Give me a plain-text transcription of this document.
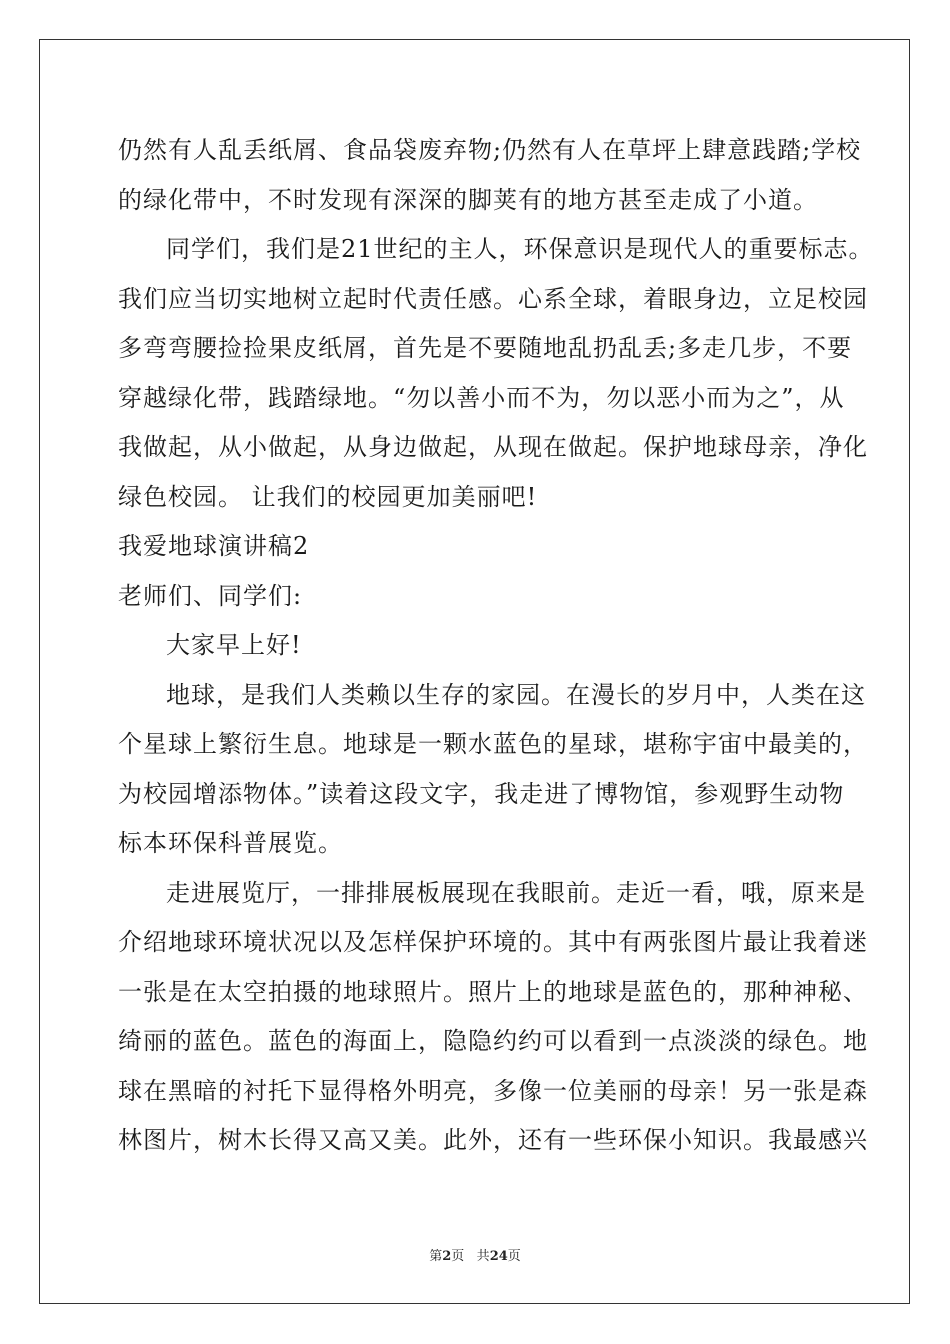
仍然有人乱丢纸屑、食品袋废弃物;仍然有人在草坪上肆意践踏;学校
的绿化带中，不时发现有深深的脚荚有的地方甚至走成了小道。
同学们，我们是21世纪的主人，环保意识是现代人的重要标志。
我们应当切实地树立起时代责任感。心系全球，着眼身边，立足校园
多弯弯腰捡捡果皮纸屑，首先是不要随地乱扔乱丢;多走几步，不要
穿越绿化带，践踏绿地。“勿以善小而不为，勿以恶小而为之”，从
我做起，从小做起，从身边做起，从现在做起。保护地球母亲，净化
绿色校园。 让我们的校园更加美丽吧!
我爱地球演讲稿2
老师们、同学们:
大家早上好!
地球，是我们人类赖以生存的家园。在漫长的岁月中，人类在这
个星球上繁衍生息。地球是一颗水蓝色的星球，堪称宇宙中最美的，
为校园增添物体。”读着这段文字，我走进了博物馆，参观野生动物
标本环保科普展览。
走进展览厅，一排排展板展现在我眼前。走近一看，哦，原来是
介绍地球环境状况以及怎样保护环境的。其中有两张图片最让我着迷
一张是在太空拍摄的地球照片。照片上的地球是蓝色的，那种神秘、
绮丽的蓝色。蓝色的海面上，隐隐约约可以看到一点淡淡的绿色。地
球在黑暗的衬托下显得格外明亮，多像一位美丽的母亲！另一张是森
林图片，树木长得又高又美。此外，还有一些环保小知识。我最感兴
第2页 共24页
